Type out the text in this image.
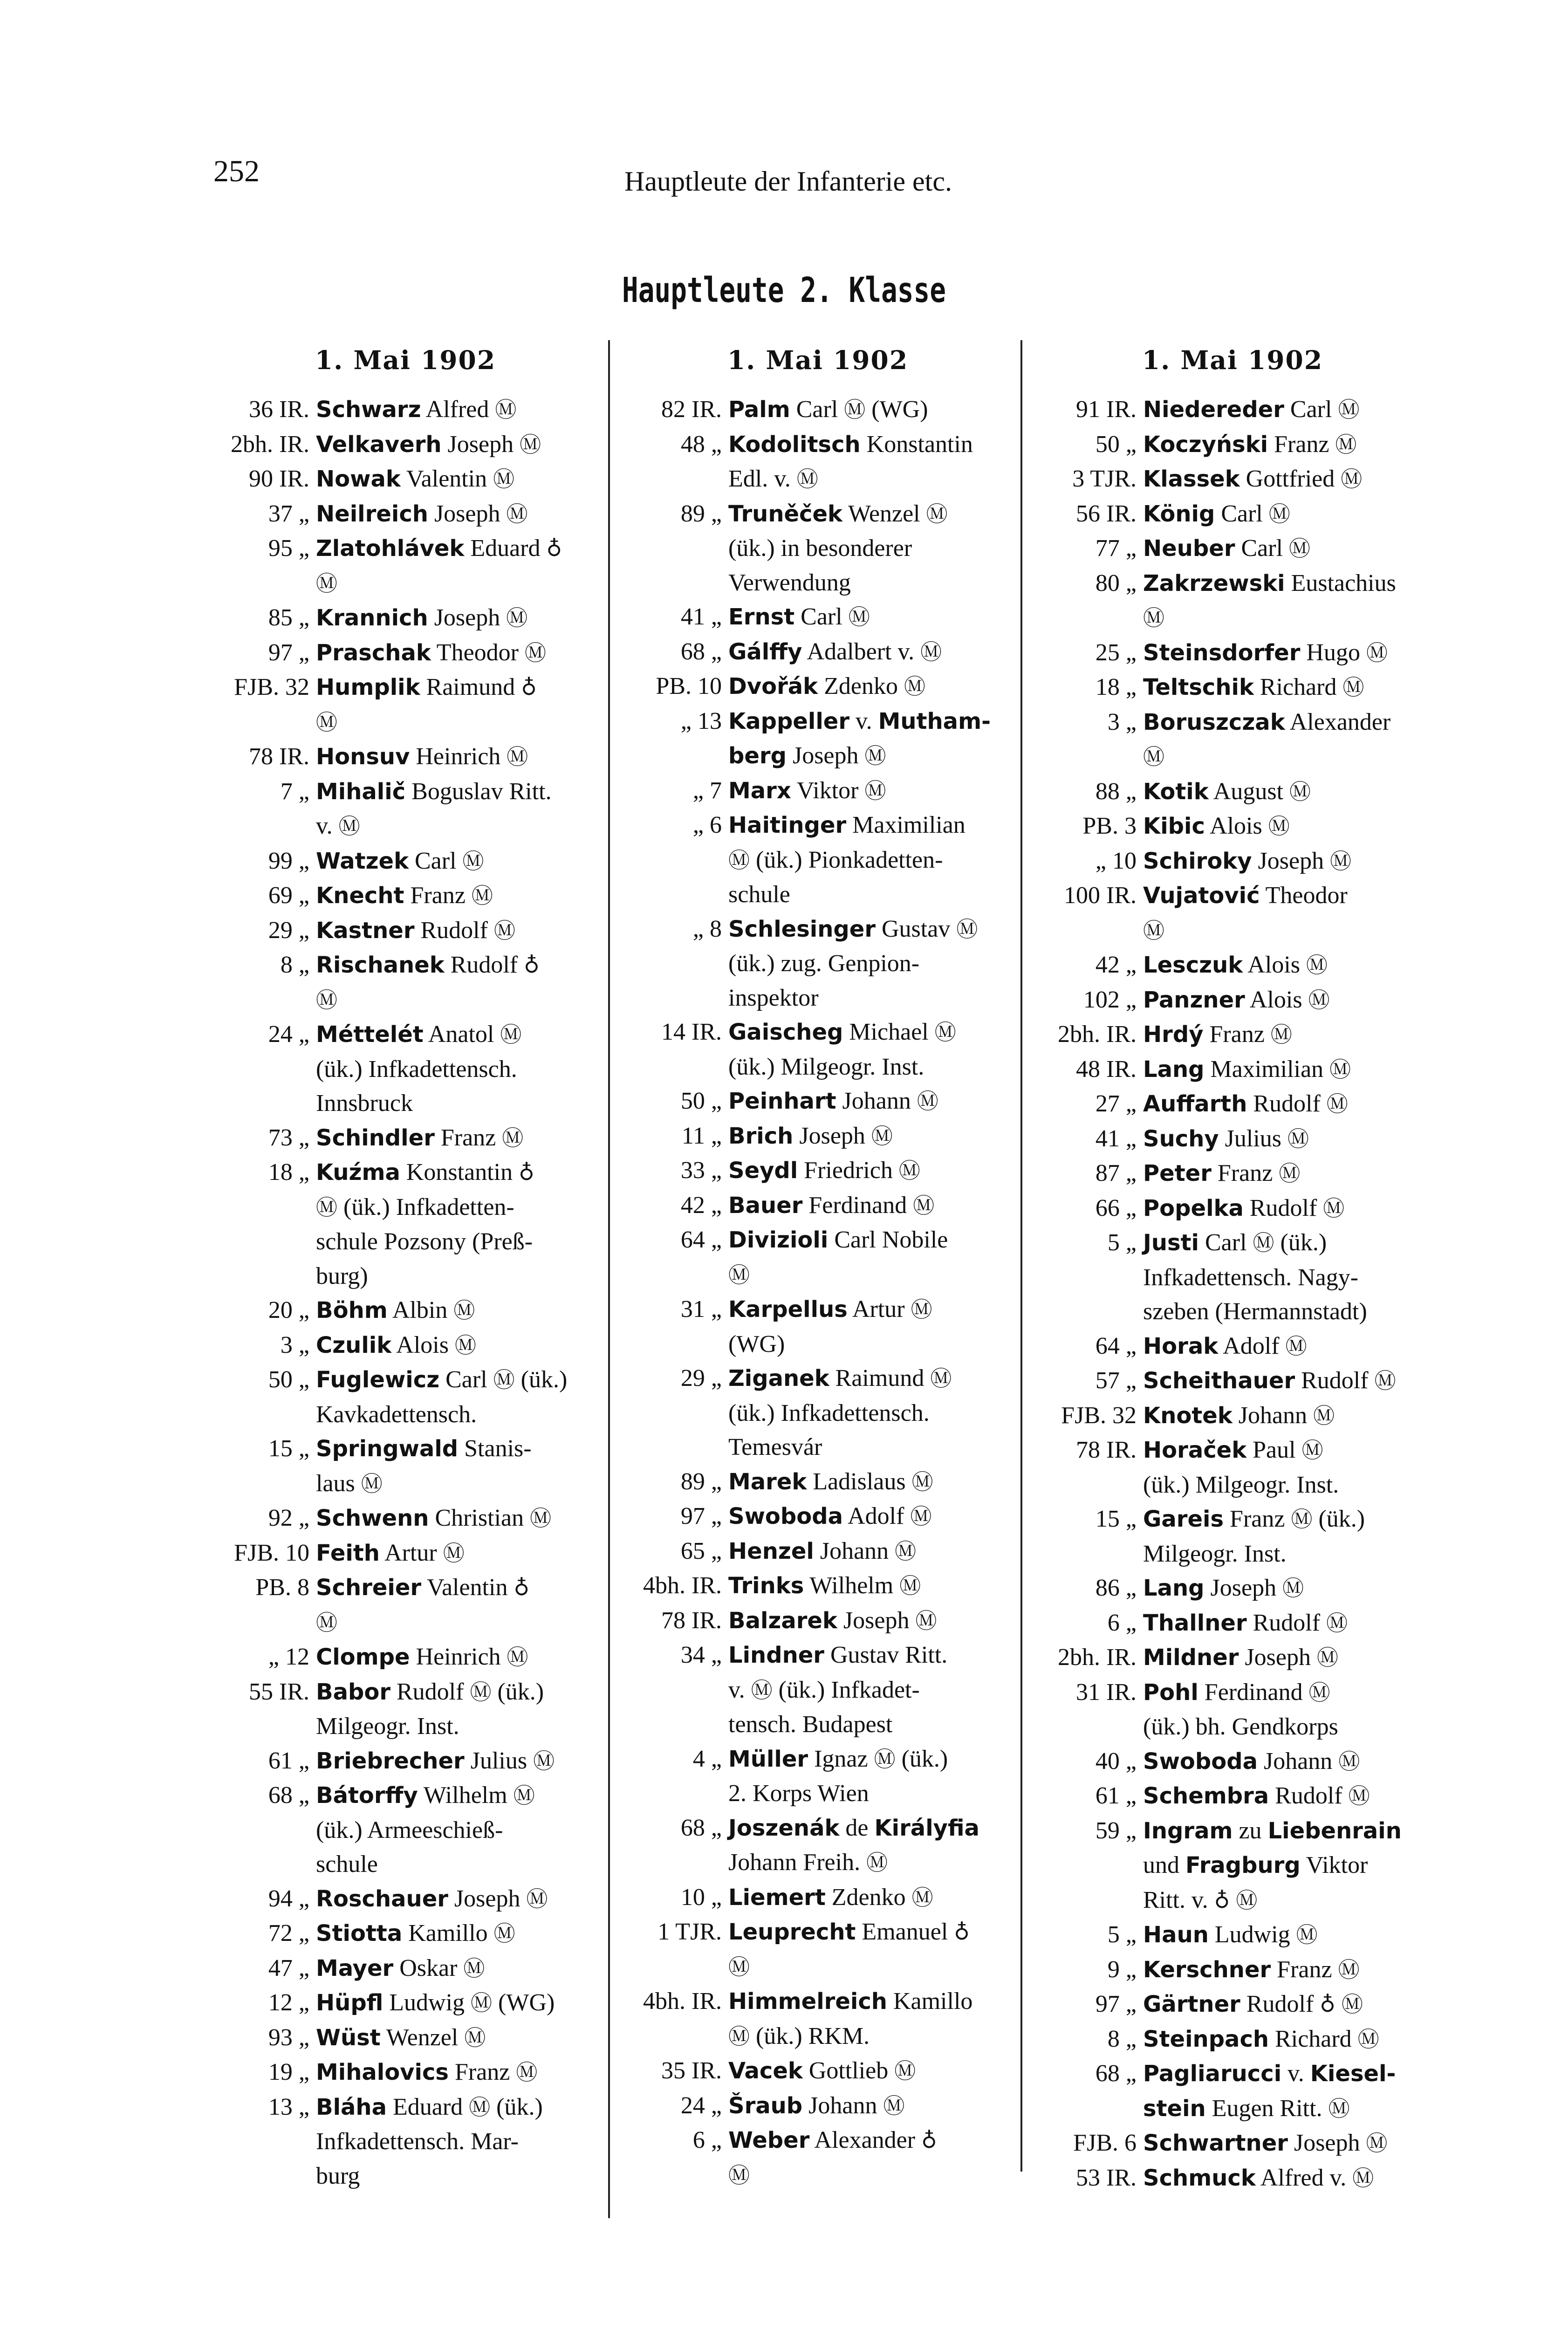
252	Hauptleute der Infanterie etc.
Hauptleute 2. Klasse
1. Mai 1902
36 IR. Schwarz Alfred Ⓜ
2bh. IR. Velkaverh Joseph Ⓜ
90 IR. Nowak Valentin Ⓜ
37 „ Neilreich Joseph Ⓜ
95 „ Zlatohlávek Eduard ♁
Ⓜ
85 „ Krannich Joseph Ⓜ
97 „ Praschak Theodor Ⓜ
FJB. 32 Humplik Raimund ♁
Ⓜ
78 IR. Honsuv Heinrich Ⓜ
7 „ Mihalič Boguslav Ritt.
v. Ⓜ
99 „ Watzek Carl Ⓜ
69 „ Knecht Franz Ⓜ
29 „ Kastner Rudolf Ⓜ
8 „ Rischanek Rudolf ♁
Ⓜ
24 „ Méttelét Anatol Ⓜ
(ük.) Infkadettensch.
Innsbruck
73 „ Schindler Franz Ⓜ
18 „ Kuźma Konstantin ♁
Ⓜ (ük.) Infkadetten-
schule Pozsony (Preß-
burg)
20 „ Böhm Albin Ⓜ
3 „ Czulik Alois Ⓜ
50 „ Fuglewicz Carl Ⓜ (ük.)
Kavkadettensch.
15 „ Springwald Stanis-
laus Ⓜ
92 „ Schwenn Christian Ⓜ
FJB. 10 Feith Artur Ⓜ
PB. 8 Schreier Valentin ♁
Ⓜ
„ 12 Clompe Heinrich Ⓜ
55 IR. Babor Rudolf Ⓜ (ük.)
Milgeogr. Inst.
61 „ Briebrecher Julius Ⓜ
68 „ Bátorffy Wilhelm Ⓜ
(ük.) Armeeschieß-
schule
94 „ Roschauer Joseph Ⓜ
72 „ Stiotta Kamillo Ⓜ
47 „ Mayer Oskar Ⓜ
12 „ Hüpfl Ludwig Ⓜ (WG)
93 „ Wüst Wenzel Ⓜ
19 „ Mihalovics Franz Ⓜ
13 „ Bláha Eduard Ⓜ (ük.)
Infkadettensch. Mar-
burg
1. Mai 1902
82 IR. Palm Carl Ⓜ (WG)
48 „ Kodolitsch Konstantin
Edl. v. Ⓜ
89 „ Truněček Wenzel Ⓜ
(ük.) in besonderer
Verwendung
41 „ Ernst Carl Ⓜ
68 „ Gálffy Adalbert v. Ⓜ
PB. 10 Dvořák Zdenko Ⓜ
„ 13 Kappeller v. Mutham-
berg Joseph Ⓜ
„ 7 Marx Viktor Ⓜ
„ 6 Haitinger Maximilian
Ⓜ (ük.) Pionkadetten-
schule
„ 8 Schlesinger Gustav Ⓜ
(ük.) zug. Genpion-
inspektor
14 IR. Gaischeg Michael Ⓜ
(ük.) Milgeogr. Inst.
50 „ Peinhart Johann Ⓜ
11 „ Brich Joseph Ⓜ
33 „ Seydl Friedrich Ⓜ
42 „ Bauer Ferdinand Ⓜ
64 „ Divizioli Carl Nobile
Ⓜ
31 „ Karpellus Artur Ⓜ
(WG)
29 „ Ziganek Raimund Ⓜ
(ük.) Infkadettensch.
Temesvár
89 „ Marek Ladislaus Ⓜ
97 „ Swoboda Adolf Ⓜ
65 „ Henzel Johann Ⓜ
4bh. IR. Trinks Wilhelm Ⓜ
78 IR. Balzarek Joseph Ⓜ
34 „ Lindner Gustav Ritt.
v. Ⓜ (ük.) Infkadet-
tensch. Budapest
4 „ Müller Ignaz Ⓜ (ük.)
2. Korps Wien
68 „ Joszenák de Királyfia
Johann Freih. Ⓜ
10 „ Liemert Zdenko Ⓜ
1 TJR. Leuprecht Emanuel ♁
Ⓜ
4bh. IR. Himmelreich Kamillo
Ⓜ (ük.) RKM.
35 IR. Vacek Gottlieb Ⓜ
24 „ Šraub Johann Ⓜ
6 „ Weber Alexander ♁
Ⓜ
1. Mai 1902
91 IR. Niedereder Carl Ⓜ
50 „ Koczyński Franz Ⓜ
3 TJR. Klassek Gottfried Ⓜ
56 IR. König Carl Ⓜ
77 „ Neuber Carl Ⓜ
80 „ Zakrzewski Eustachius
Ⓜ
25 „ Steinsdorfer Hugo Ⓜ
18 „ Teltschik Richard Ⓜ
3 „ Boruszczak Alexander
Ⓜ
88 „ Kotik August Ⓜ
PB. 3 Kibic Alois Ⓜ
„ 10 Schiroky Joseph Ⓜ
100 IR. Vujatović Theodor
Ⓜ
42 „ Lesczuk Alois Ⓜ
102 „ Panzner Alois Ⓜ
2bh. IR. Hrdý Franz Ⓜ
48 IR. Lang Maximilian Ⓜ
27 „ Auffarth Rudolf Ⓜ
41 „ Suchy Julius Ⓜ
87 „ Peter Franz Ⓜ
66 „ Popelka Rudolf Ⓜ
5 „ Justi Carl Ⓜ (ük.)
Infkadettensch. Nagy-
szeben (Hermannstadt)
64 „ Horak Adolf Ⓜ
57 „ Scheithauer Rudolf Ⓜ
FJB. 32 Knotek Johann Ⓜ
78 IR. Horaček Paul Ⓜ
(ük.) Milgeogr. Inst.
15 „ Gareis Franz Ⓜ (ük.)
Milgeogr. Inst.
86 „ Lang Joseph Ⓜ
6 „ Thallner Rudolf Ⓜ
2bh. IR. Mildner Joseph Ⓜ
31 IR. Pohl Ferdinand Ⓜ
(ük.) bh. Gendkorps
40 „ Swoboda Johann Ⓜ
61 „ Schembra Rudolf Ⓜ
59 „ Ingram zu Liebenrain
und Fragburg Viktor
Ritt. v. ♁ Ⓜ
5 „ Haun Ludwig Ⓜ
9 „ Kerschner Franz Ⓜ
97 „ Gärtner Rudolf ♁ Ⓜ
8 „ Steinpach Richard Ⓜ
68 „ Pagliarucci v. Kiesel-
stein Eugen Ritt. Ⓜ
FJB. 6 Schwartner Joseph Ⓜ
53 IR. Schmuck Alfred v. Ⓜ
